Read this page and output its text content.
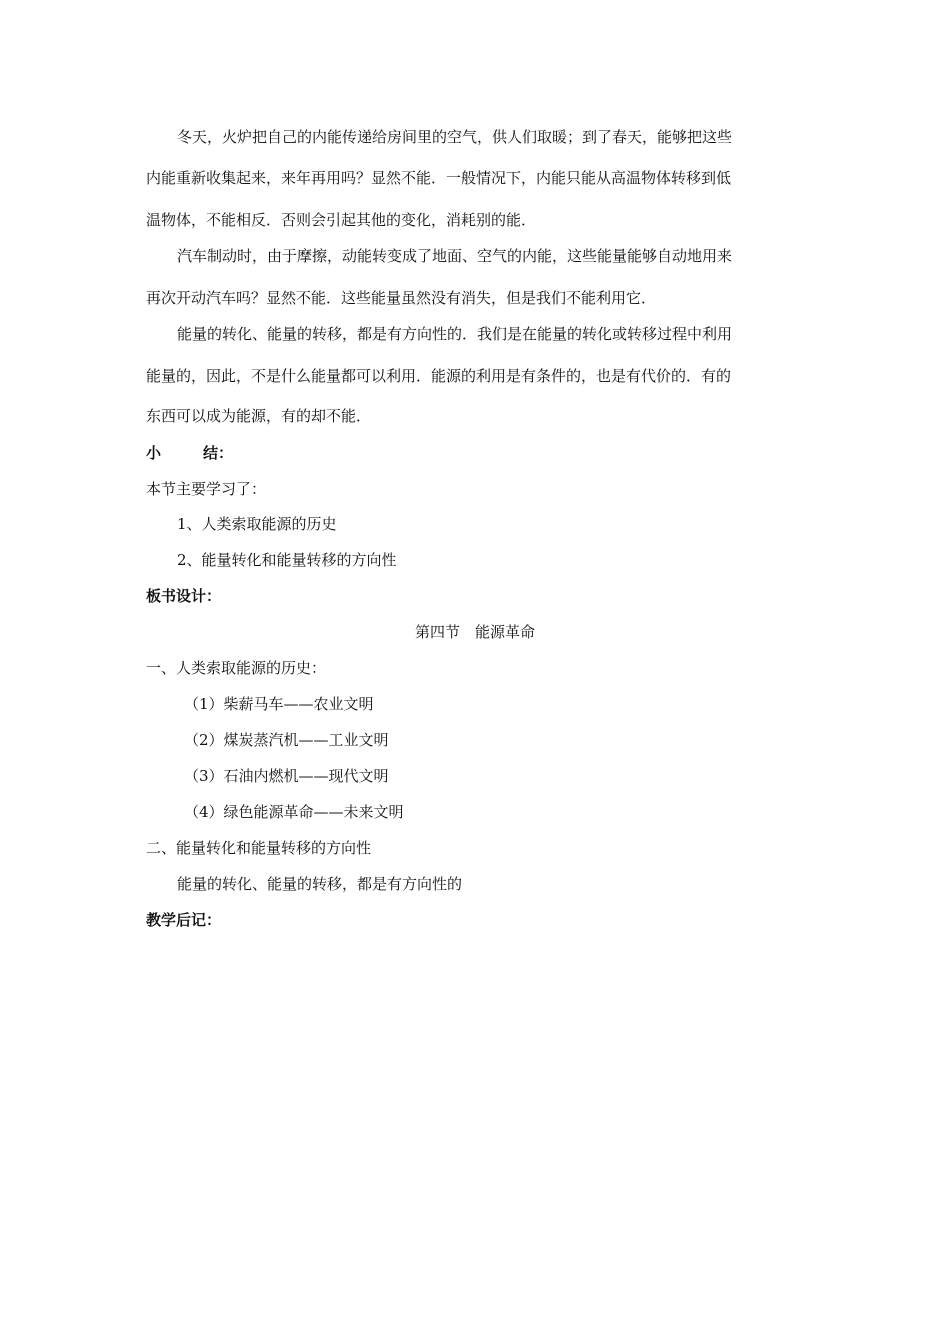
冬天，火炉把自己的内能传递给房间里的空气，供人们取暖；到了春天，能够把这些
内能重新收集起来，来年再用吗？显然不能．一般情况下，内能只能从高温物体转移到低
温物体，不能相反．否则会引起其他的变化，消耗别的能．
汽车制动时，由于摩擦，动能转变成了地面、空气的内能，这些能量能够自动地用来
再次开动汽车吗？显然不能．这些能量虽然没有消失，但是我们不能利用它．
能量的转化、能量的转移，都是有方向性的．我们是在能量的转化或转移过程中利用
能量的，因此，不是什么能量都可以利用．能源的利用是有条件的，也是有代价的．有的
东西可以成为能源，有的却不能．
小	结：
本节主要学习了：
1、人类索取能源的历史
2、能量转化和能量转移的方向性
板书设计：
第四节　能源革命
一、人类索取能源的历史：
（1）柴薪马车——农业文明
（2）煤炭蒸汽机——工业文明
（3）石油内燃机——现代文明
（4）绿色能源革命——未来文明
二、能量转化和能量转移的方向性
能量的转化、能量的转移，都是有方向性的
教学后记：
